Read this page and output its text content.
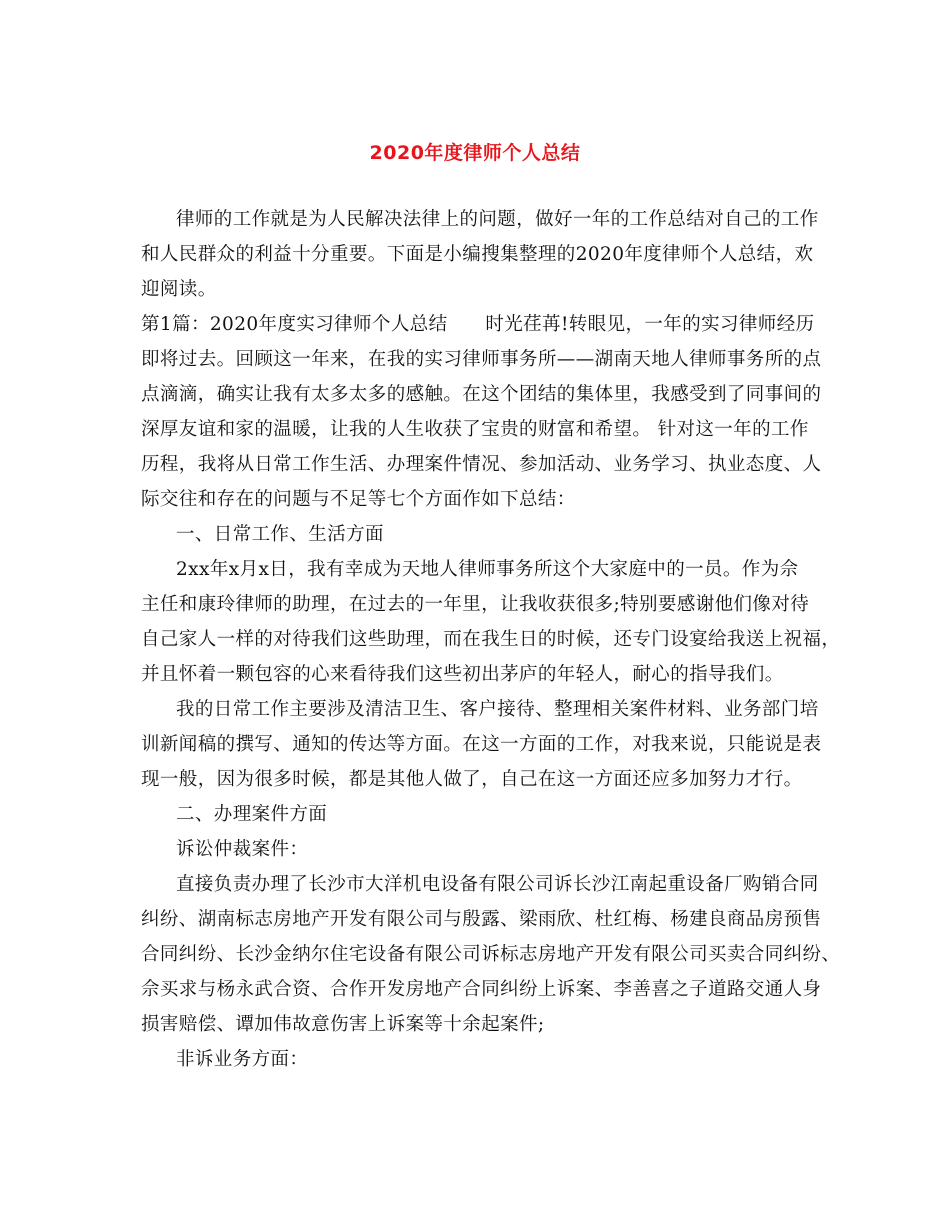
2020年度律师个人总结
律师的工作就是为人民解决法律上的问题，做好一年的工作总结对自己的工作
和人民群众的利益十分重要。下面是小编搜集整理的2020年度律师个人总结，欢
迎阅读。
第1篇：2020年度实习律师个人总结　　时光荏苒!转眼见，一年的实习律师经历
即将过去。回顾这一年来，在我的实习律师事务所——湖南天地人律师事务所的点
点滴滴，确实让我有太多太多的感触。在这个团结的集体里，我感受到了同事间的
深厚友谊和家的温暖，让我的人生收获了宝贵的财富和希望。 针对这一年的工作
历程，我将从日常工作生活、办理案件情况、参加活动、业务学习、执业态度、人
际交往和存在的问题与不足等七个方面作如下总结：
一、日常工作、生活方面
2xx年x月x日，我有幸成为天地人律师事务所这个大家庭中的一员。作为佘
主任和康玲律师的助理，在过去的一年里，让我收获很多;特别要感谢他们像对待
自己家人一样的对待我们这些助理，而在我生日的时候，还专门设宴给我送上祝福，
并且怀着一颗包容的心来看待我们这些初出茅庐的年轻人，耐心的指导我们。
我的日常工作主要涉及清洁卫生、客户接待、整理相关案件材料、业务部门培
训新闻稿的撰写、通知的传达等方面。在这一方面的工作，对我来说，只能说是表
现一般，因为很多时候，都是其他人做了，自己在这一方面还应多加努力才行。
二、办理案件方面
诉讼仲裁案件：
直接负责办理了长沙市大洋机电设备有限公司诉长沙江南起重设备厂购销合同
纠纷、湖南标志房地产开发有限公司与殷露、梁雨欣、杜红梅、杨建良商品房预售
合同纠纷、长沙金纳尔住宅设备有限公司诉标志房地产开发有限公司买卖合同纠纷、
佘买求与杨永武合资、合作开发房地产合同纠纷上诉案、李善喜之子道路交通人身
损害赔偿、谭加伟故意伤害上诉案等十余起案件;
非诉业务方面：
